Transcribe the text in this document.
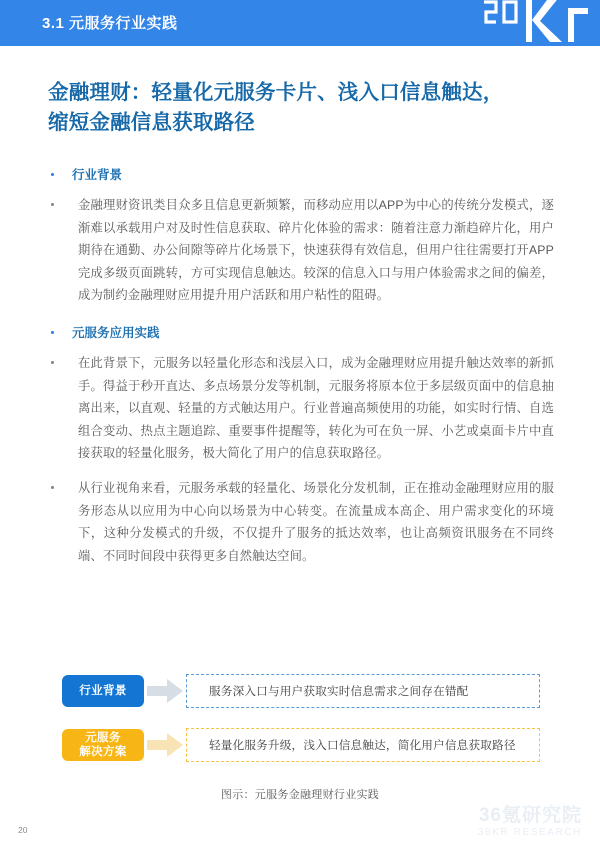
3.1 元服务行业实践
金融理财：轻量化元服务卡片、浅入口信息触达，
缩短金融信息获取路径
行业背景
金融理财资讯类目众多且信息更新频繁，而移动应用以APP为中心的传统分发模式，逐渐难以承载用户对及时性信息获取、碎片化体验的需求：随着注意力渐趋碎片化，用户期待在通勤、办公间隙等碎片化场景下，快速获得有效信息，但用户往往需要打开APP完成多级页面跳转，方可实现信息触达。较深的信息入口与用户体验需求之间的偏差，成为制约金融理财应用提升用户活跃和用户粘性的阻碍。
元服务应用实践
在此背景下，元服务以轻量化形态和浅层入口，成为金融理财应用提升触达效率的新抓手。得益于秒开直达、多点场景分发等机制，元服务将原本位于多层级页面中的信息抽离出来，以直观、轻量的方式触达用户。行业普遍高频使用的功能，如实时行情、自选组合变动、热点主题追踪、重要事件提醒等，转化为可在负一屏、小艺或桌面卡片中直接获取的轻量化服务，极大简化了用户的信息获取路径。
从行业视角来看，元服务承载的轻量化、场景化分发机制，正在推动金融理财应用的服务形态从以应用为中心向以场景为中心转变。在流量成本高企、用户需求变化的环境下，这种分发模式的升级，不仅提升了服务的抵达效率，也让高频资讯服务在不同终端、不同时间段中获得更多自然触达空间。
行业背景	服务深入口与用户获取实时信息需求之间存在错配
元服务
解决方案	轻量化服务升级，浅入口信息触达，简化用户信息获取路径
图示：元服务金融理财行业实践
20
36氪研究院
36KR RESEARCH
